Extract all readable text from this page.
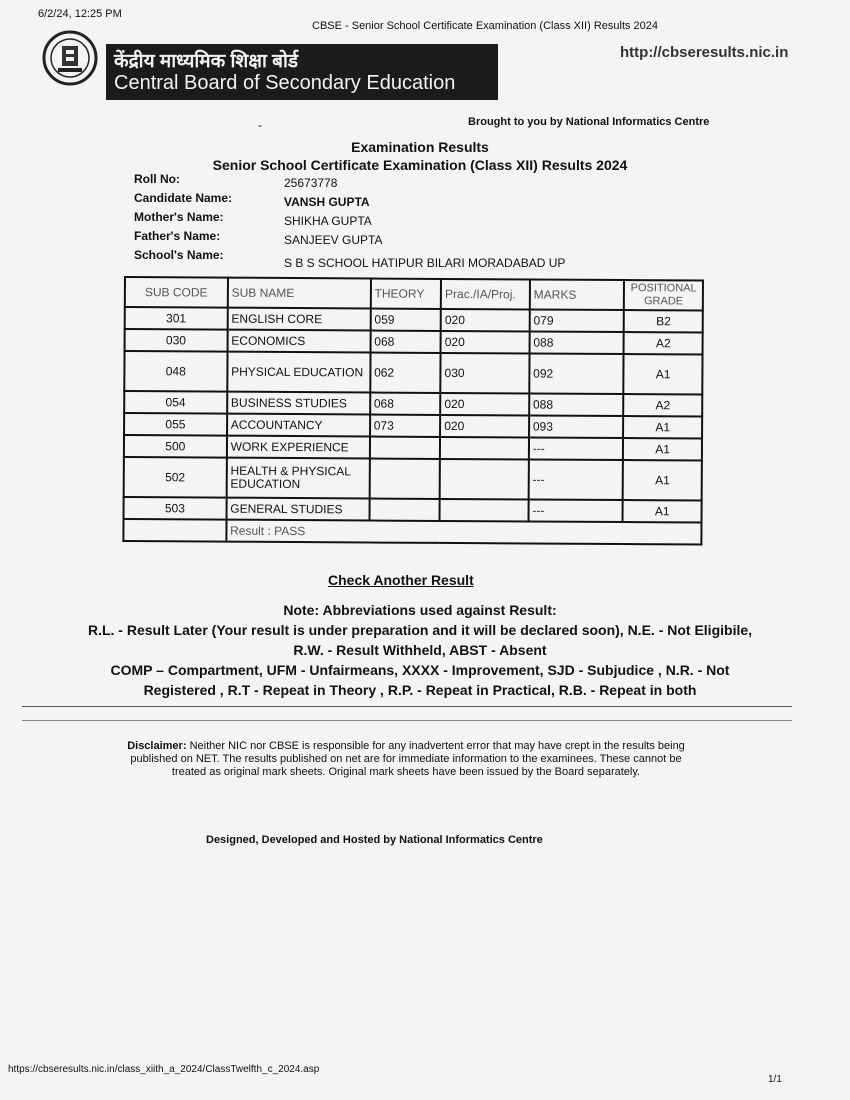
6/2/24, 12:25 PM
CBSE - Senior School Certificate Examination (Class XII) Results 2024
http://cbseresults.nic.in
केंद्रीय माध्यमिक शिक्षा बोर्ड
Central Board of Secondary Education
-	Brought to you by National Informatics Centre
Examination Results
Senior School Certificate Examination (Class XII) Results 2024
Roll No:	25673778
Candidate Name:	VANSH GUPTA
Mother's Name:	SHIKHA GUPTA
Father's Name:	SANJEEV GUPTA
School's Name:
S B S SCHOOL HATIPUR BILARI MORADABAD UP
SUB CODE	SUB NAME	THEORY	Prac./IA/Proj.	MARKS	POSITIONAL GRADE
301	ENGLISH CORE	059	020	079	B2
030	ECONOMICS	068	020	088	A2
048	PHYSICAL EDUCATION	062	030	092	A1
054	BUSINESS STUDIES	068	020	088	A2
055	ACCOUNTANCY	073	020	093	A1
500	WORK EXPERIENCE			---	A1
502	HEALTH & PHYSICAL EDUCATION			---	A1
503	GENERAL STUDIES			---	A1
	Result : PASS				
Check Another Result
Note: Abbreviations used against Result:
R.L. - Result Later (Your result is under preparation and it will be declared soon), N.E. - Not Eligibile,
R.W. - Result Withheld, ABST - Absent
COMP – Compartment, UFM - Unfairmeans, XXXX - Improvement, SJD - Subjudice , N.R. - Not
Registered , R.T - Repeat in Theory , R.P. - Repeat in Practical, R.B. - Repeat in both
Disclaimer: Neither NIC nor CBSE is responsible for any inadvertent error that may have crept in the results being published on NET. The results published on net are for immediate information to the examinees. These cannot be treated as original mark sheets. Original mark sheets have been issued by the Board separately.
Designed, Developed and Hosted by National Informatics Centre
https://cbseresults.nic.in/class_xiith_a_2024/ClassTwelfth_c_2024.asp
1/1
